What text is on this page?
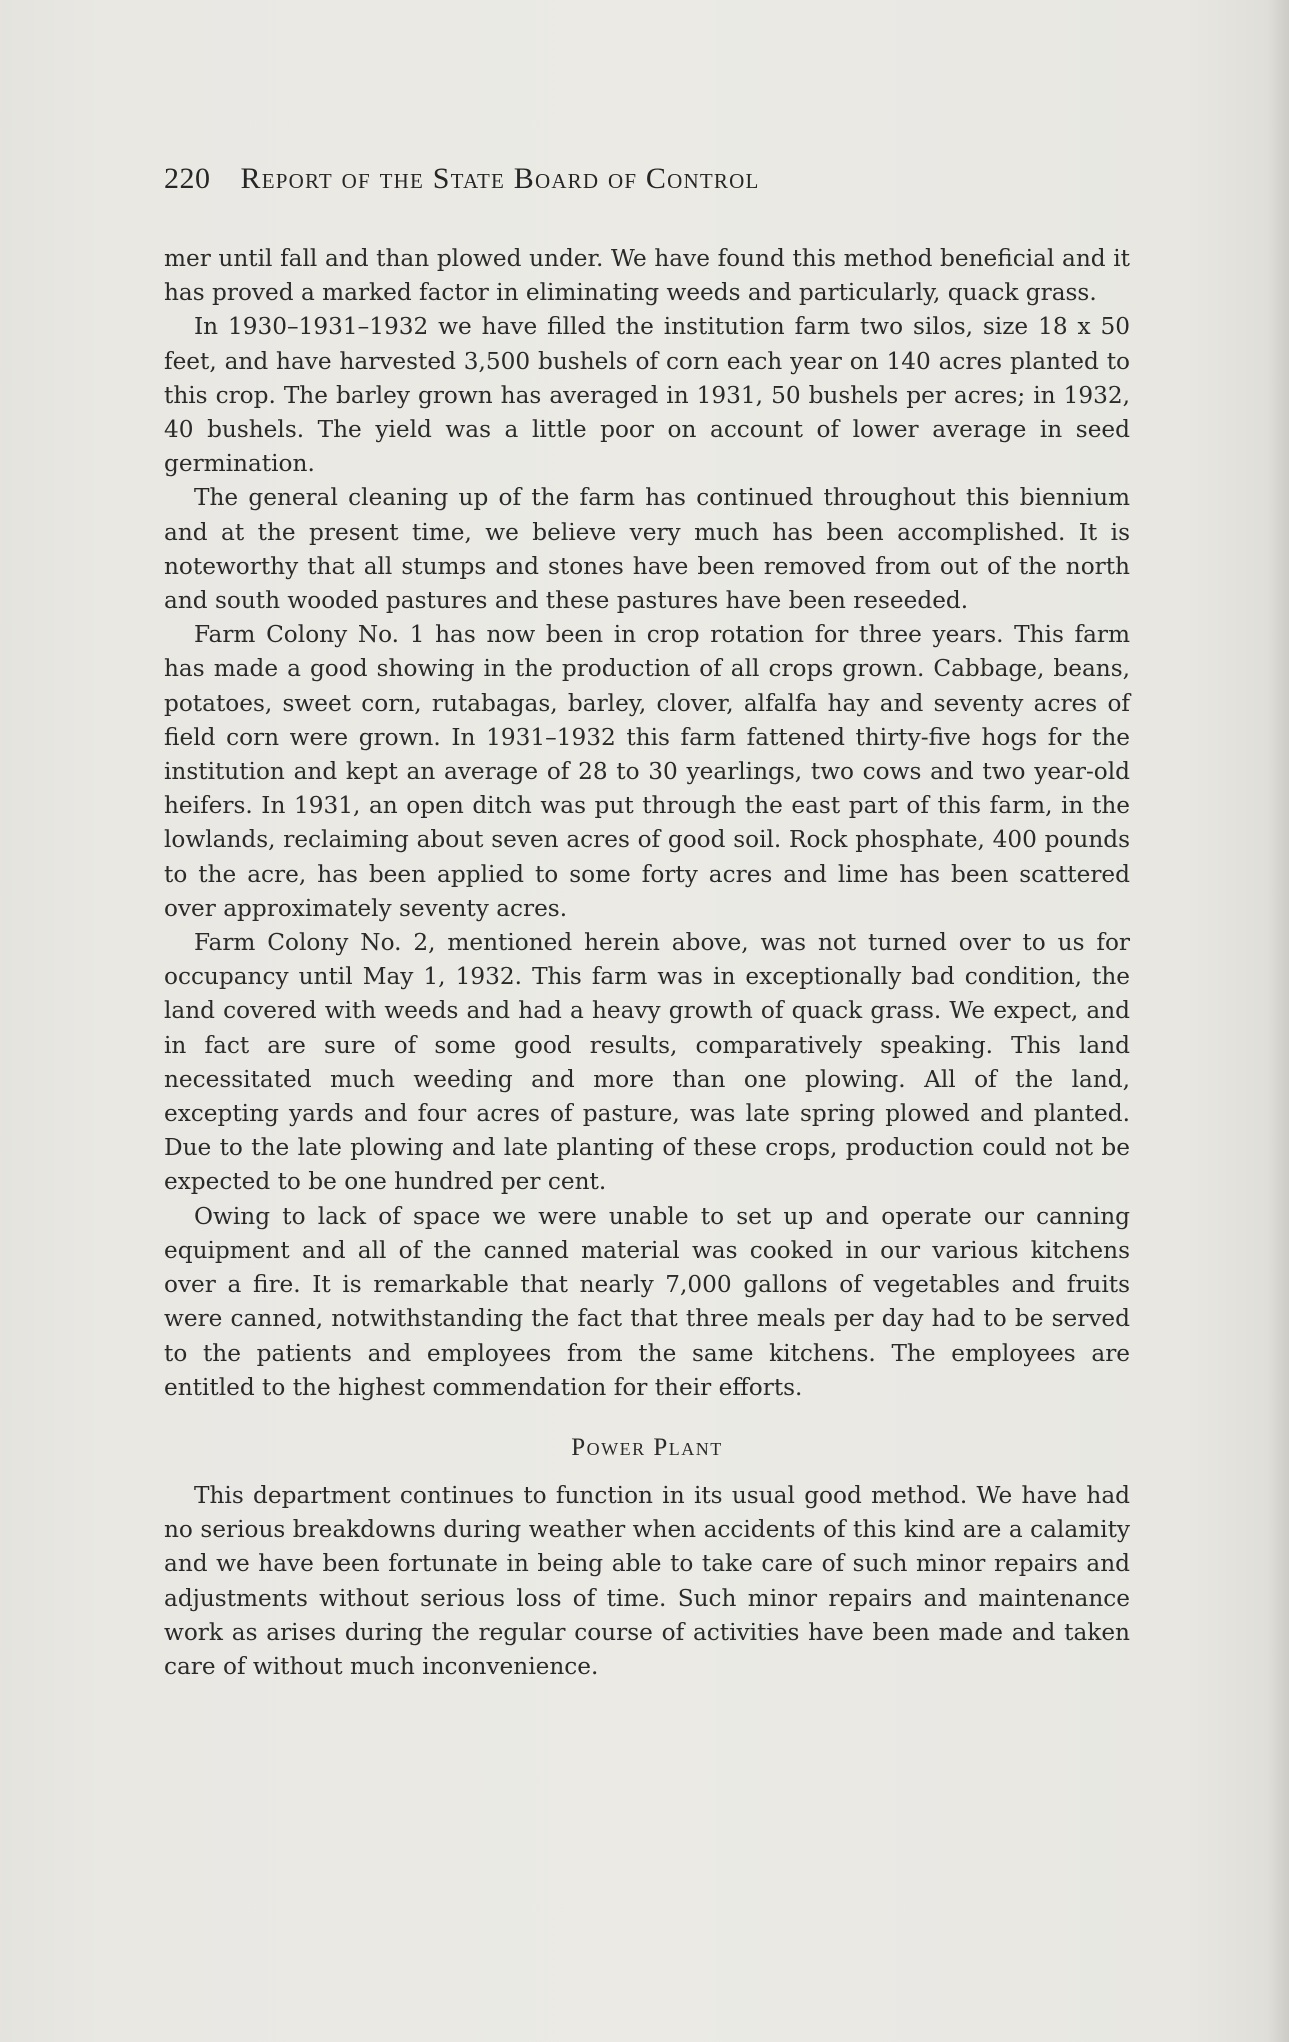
220 Report of the State Board of Control

mer until fall and than plowed under. We have found this method beneficial and it has proved a marked factor in eliminating weeds and particularly, quack grass.

In 1930–1931–1932 we have filled the institution farm two silos, size 18 x 50 feet, and have harvested 3,500 bushels of corn each year on 140 acres planted to this crop. The barley grown has averaged in 1931, 50 bushels per acres; in 1932, 40 bushels. The yield was a little poor on account of lower average in seed germination.

The general cleaning up of the farm has continued throughout this biennium and at the present time, we believe very much has been accomplished. It is noteworthy that all stumps and stones have been removed from out of the north and south wooded pastures and these pastures have been reseeded.

Farm Colony No. 1 has now been in crop rotation for three years. This farm has made a good showing in the production of all crops grown. Cabbage, beans, potatoes, sweet corn, rutabagas, barley, clover, alfalfa hay and seventy acres of field corn were grown. In 1931–1932 this farm fattened thirty-five hogs for the institution and kept an average of 28 to 30 yearlings, two cows and two year-old heifers. In 1931, an open ditch was put through the east part of this farm, in the lowlands, reclaiming about seven acres of good soil. Rock phosphate, 400 pounds to the acre, has been applied to some forty acres and lime has been scattered over approximately seventy acres.

Farm Colony No. 2, mentioned herein above, was not turned over to us for occupancy until May 1, 1932. This farm was in exceptionally bad condition, the land covered with weeds and had a heavy growth of quack grass. We expect, and in fact are sure of some good results, comparatively speaking. This land necessitated much weeding and more than one plowing. All of the land, excepting yards and four acres of pasture, was late spring plowed and planted. Due to the late plowing and late planting of these crops, production could not be expected to be one hundred per cent.

Owing to lack of space we were unable to set up and operate our canning equipment and all of the canned material was cooked in our various kitchens over a fire. It is remarkable that nearly 7,000 gallons of vegetables and fruits were canned, notwithstanding the fact that three meals per day had to be served to the patients and employees from the same kitchens. The employees are entitled to the highest commendation for their efforts.

Power Plant

This department continues to function in its usual good method. We have had no serious breakdowns during weather when accidents of this kind are a calamity and we have been fortunate in being able to take care of such minor repairs and adjustments without serious loss of time. Such minor repairs and maintenance work as arises during the regular course of activities have been made and taken care of without much inconvenience.
